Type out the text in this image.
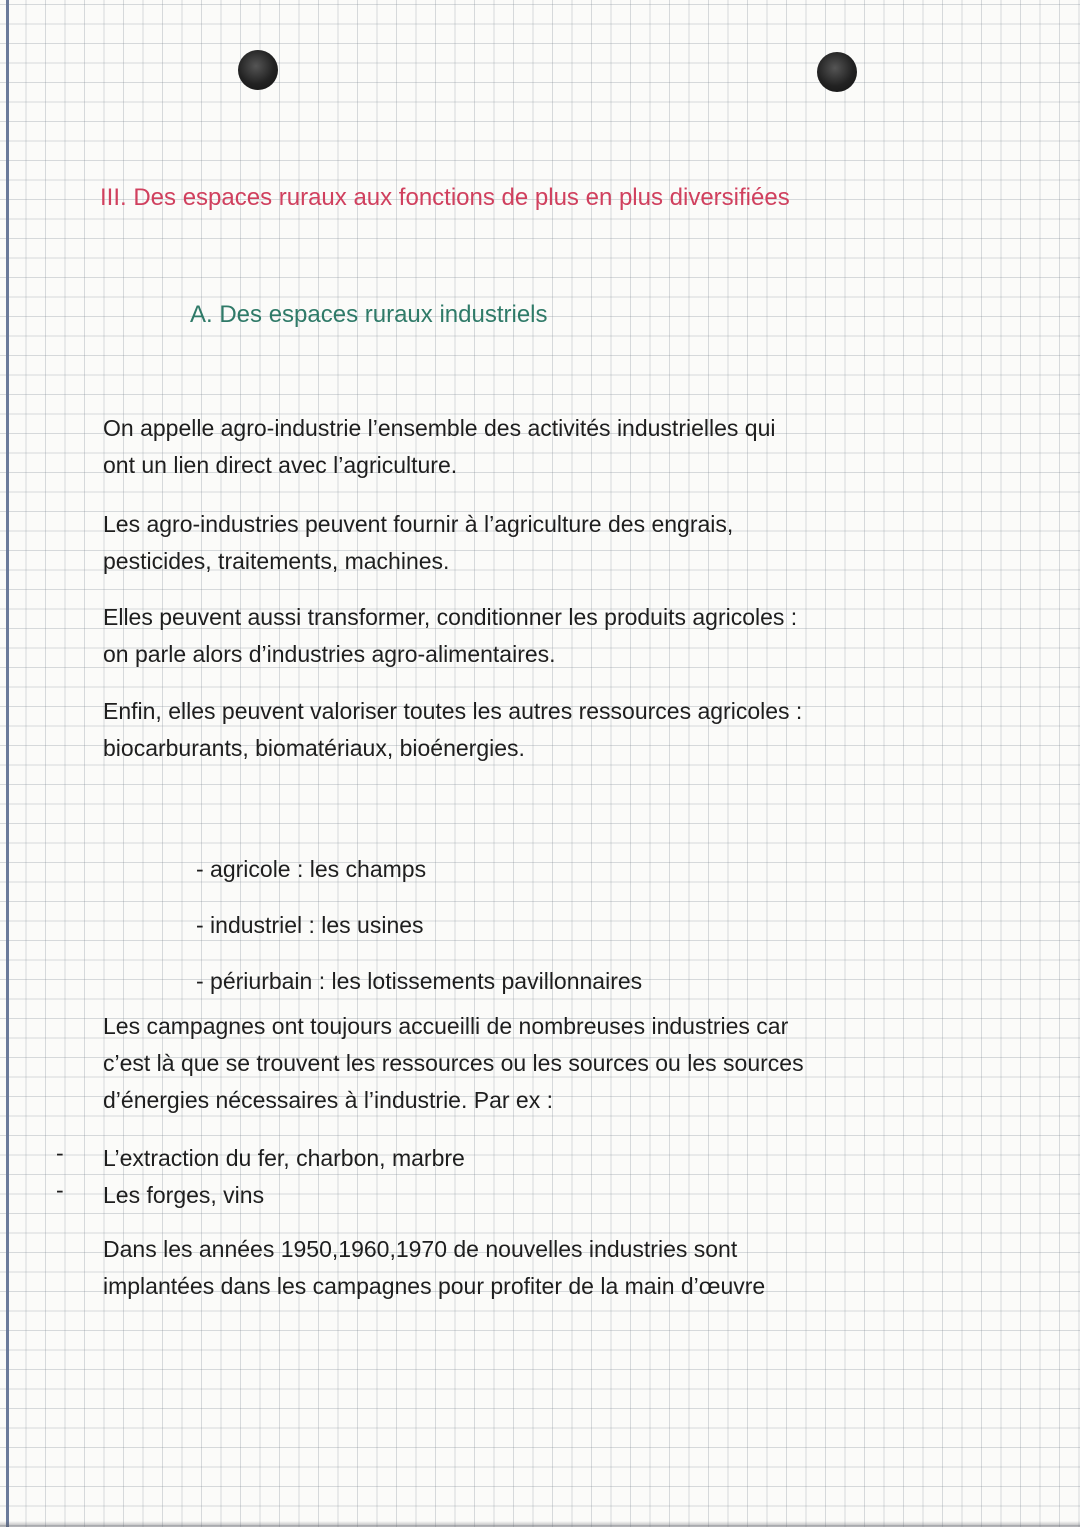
III. Des espaces ruraux aux fonctions de plus en plus diversifiées
A. Des espaces ruraux industriels
On appelle agro-industrie l’ensemble des activités industrielles qui
ont un lien direct avec l’agriculture.
Les agro-industries peuvent fournir à l’agriculture des engrais,
pesticides, traitements, machines.
Elles peuvent aussi transformer, conditionner les produits agricoles :
on parle alors d’industries agro-alimentaires.
Enfin, elles peuvent valoriser toutes les autres ressources agricoles :
biocarburants, biomatériaux, bioénergies.
- agricole : les champs
- industriel : les usines
- périurbain : les lotissements pavillonnaires
Les campagnes ont toujours accueilli de nombreuses industries car
c’est là que se trouvent les ressources ou les sources ou les sources
d’énergies nécessaires à l’industrie. Par ex :
-
-
L’extraction du fer, charbon, marbre
Les forges, vins
Dans les années 1950,1960,1970 de nouvelles industries sont
implantées dans les campagnes pour profiter de la main d’œuvre
